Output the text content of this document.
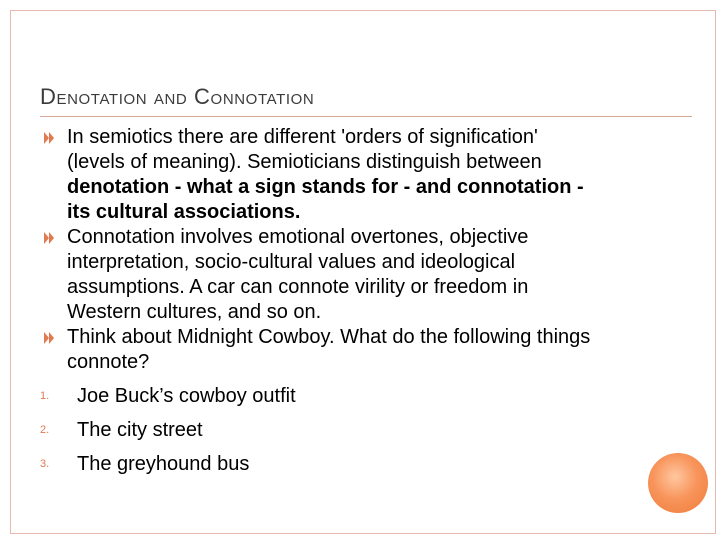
Denotation and Connotation
In semiotics there are different 'orders of signification' (levels of meaning). Semioticians distinguish between denotation - what a sign stands for - and connotation - its cultural associations.
Connotation involves emotional overtones, objective interpretation, socio-cultural values and ideological assumptions. A car can connote virility or freedom in Western cultures, and so on.
Think about Midnight Cowboy. What do the following things connote?
1. Joe Buck’s cowboy outfit
2. The city street
3. The greyhound bus
